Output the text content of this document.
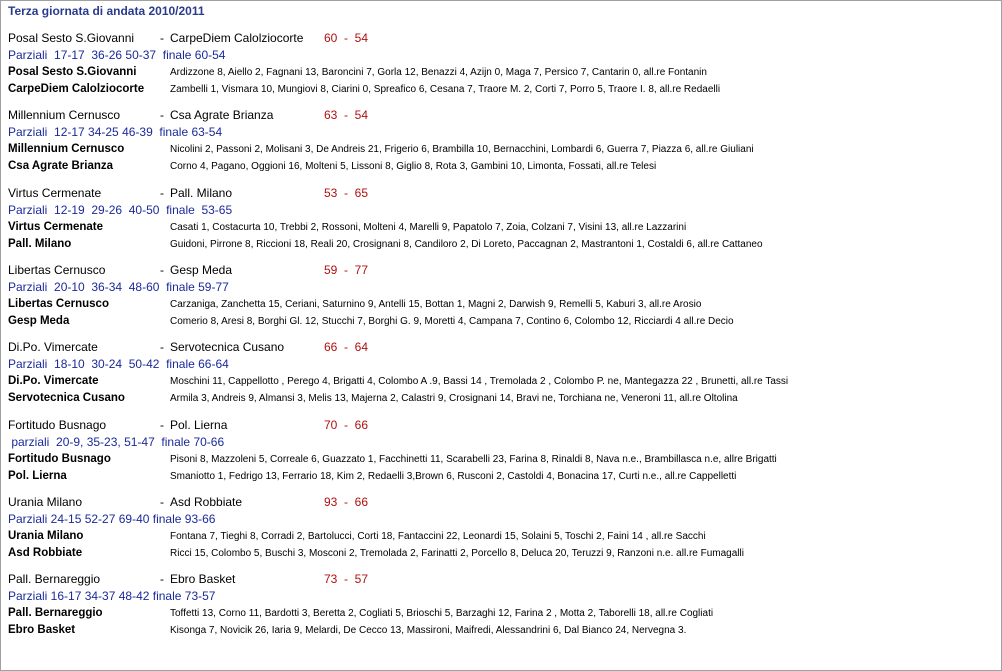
Terza giornata di andata 2010/2011
Posal Sesto S.Giovanni - CarpeDiem Calolziocorte 60  -  54
Parziali  17-17  36-26 50-37  finale 60-54
Posal Sesto S.Giovanni	Ardizzone 8, Aiello 2, Fagnani 13, Baroncini 7, Gorla 12, Benazzi 4, Azijn 0, Maga 7, Persico 7, Cantarin 0, all.re Fontanin
CarpeDiem Calolziocorte	Zambelli 1, Vismara 10, Mungiovi 8, Ciarini 0, Spreafico 6, Cesana 7, Traore M. 2, Corti 7, Porro 5, Traore I. 8, all.re Redaelli
Millennium Cernusco	- Csa Agrate Brianza	63  -  54
Parziali  12-17 34-25 46-39  finale 63-54
Millennium Cernusco	Nicolini 2, Passoni 2, Molisani 3, De Andreis 21, Frigerio 6, Brambilla 10, Bernacchini, Lombardi 6, Guerra 7, Piazza 6, all.re Giuliani
Csa Agrate Brianza	Corno 4, Pagano, Oggioni 16, Molteni 5, Lissoni 8, Giglio 8, Rota 3, Gambini 10, Limonta, Fossati, all.re Telesi
Virtus Cermenate	- Pall. Milano	53  -  65
Parziali  12-19  29-26  40-50  finale  53-65
Virtus Cermenate	Casati 1, Costacurta 10, Trebbi 2, Rossoni, Molteni 4, Marelli 9, Papatolo 7, Zoia, Colzani 7, Visini 13, all.re Lazzarini
Pall. Milano	Guidoni, Pirrone 8, Riccioni 18, Reali 20, Crosignani 8, Candiloro 2, Di Loreto, Paccagnan 2, Mastrantoni 1, Costaldi 6, all.re Cattaneo
Libertas Cernusco	- Gesp Meda	59  -  77
Parziali  20-10  36-34  48-60  finale 59-77
Libertas Cernusco	Carzaniga, Zanchetta 15, Ceriani, Saturnino 9, Antelli 15, Bottan 1, Magni 2, Darwish 9, Remelli 5, Kaburi 3, all.re Arosio
Gesp Meda	Comerio 8, Aresi 8, Borghi Gl. 12, Stucchi 7, Borghi G. 9, Moretti 4, Campana 7, Contino 6, Colombo 12, Ricciardi 4 all.re Decio
Di.Po. Vimercate	- Servotecnica Cusano	66  -  64
Parziali  18-10  30-24  50-42  finale 66-64
Di.Po. Vimercate	Moschini 11, Cappellotto , Perego 4, Brigatti 4, Colombo A .9, Bassi 14 , Tremolada 2 , Colombo P. ne, Mantegazza 22 , Brunetti, all.re Tassi
Servotecnica Cusano	Armila 3, Andreis 9, Almansi 3, Melis 13, Majerna 2, Calastri 9, Crosignani 14, Bravi ne, Torchiana ne, Veneroni 11, all.re Oltolina
Fortitudo Busnago	- Pol. Lierna	70  -  66
parziali  20-9, 35-23, 51-47  finale 70-66
Fortitudo Busnago	Pisoni 8, Mazzoleni 5, Correale 6, Guazzato 1, Facchinetti 11, Scarabelli 23, Farina 8, Rinaldi 8, Nava n.e., Brambillasca n.e, allre Brigatti
Pol. Lierna	Smaniotto 1, Fedrigo 13, Ferrario 18, Kim 2, Redaelli 3,Brown 6, Rusconi 2, Castoldi 4, Bonacina 17, Curti n.e., all.re Cappelletti
Urania Milano	- Asd Robbiate	93  -  66
Parziali 24-15 52-27 69-40 finale 93-66
Urania Milano	Fontana 7, Tieghi 8, Corradi 2, Bartolucci, Corti 18, Fantaccini 22, Leonardi 15, Solaini 5, Toschi 2, Faini 14 , all.re Sacchi
Asd Robbiate	Ricci 15, Colombo 5, Buschi 3, Mosconi 2, Tremolada 2, Farinatti 2, Porcello 8, Deluca 20, Teruzzi 9, Ranzoni n.e. all.re Fumagalli
Pall. Bernareggio	- Ebro Basket	73  -  57
Parziali 16-17 34-37 48-42 finale 73-57
Pall. Bernareggio	Toffetti 13, Corno 11, Bardotti 3, Beretta 2, Cogliati 5, Brioschi 5, Barzaghi 12, Farina 2 , Motta 2, Taborelli 18, all.re Cogliati
Ebro Basket	Kisonga 7, Novicik 26, Iaria 9, Melardi, De Cecco 13, Massironi, Maifredi, Alessandrini 6, Dal Bianco 24, Nervegna 3.
